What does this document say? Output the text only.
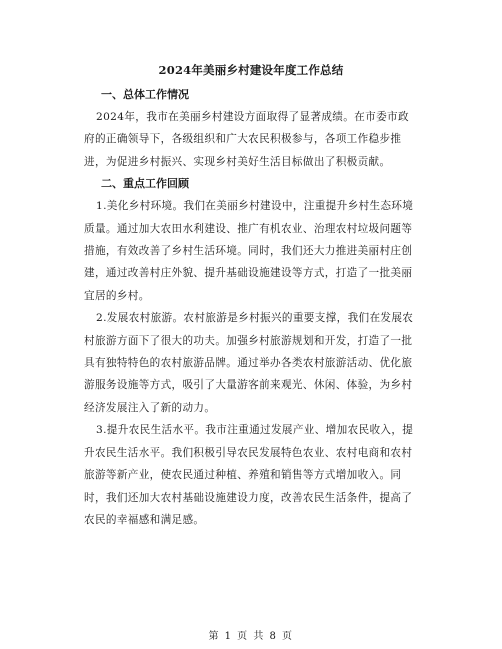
2024年美丽乡村建设年度工作总结
一、总体工作情况

2024年，我市在美丽乡村建设方面取得了显著成绩。在市委市政
府的正确领导下，各级组织和广大农民积极参与，各项工作稳步推
进，为促进乡村振兴、实现乡村美好生活目标做出了积极贡献。

二、重点工作回顾

1.美化乡村环境。我们在美丽乡村建设中，注重提升乡村生态环境
质量。通过加大农田水利建设、推广有机农业、治理农村垃圾问题等
措施，有效改善了乡村生活环境。同时，我们还大力推进美丽村庄创
建，通过改善村庄外貌、提升基础设施建设等方式，打造了一批美丽
宜居的乡村。

2.发展农村旅游。农村旅游是乡村振兴的重要支撑，我们在发展农
村旅游方面下了很大的功夫。加强乡村旅游规划和开发，打造了一批
具有独特特色的农村旅游品牌。通过举办各类农村旅游活动、优化旅
游服务设施等方式，吸引了大量游客前来观光、休闲、体验，为乡村
经济发展注入了新的动力。

3.提升农民生活水平。我市注重通过发展产业、增加农民收入，提
升农民生活水平。我们积极引导农民发展特色农业、农村电商和农村
旅游等新产业，使农民通过种植、养殖和销售等方式增加收入。同
时，我们还加大农村基础设施建设力度，改善农民生活条件，提高了
农民的幸福感和满足感。

第 1 页 共 8 页
